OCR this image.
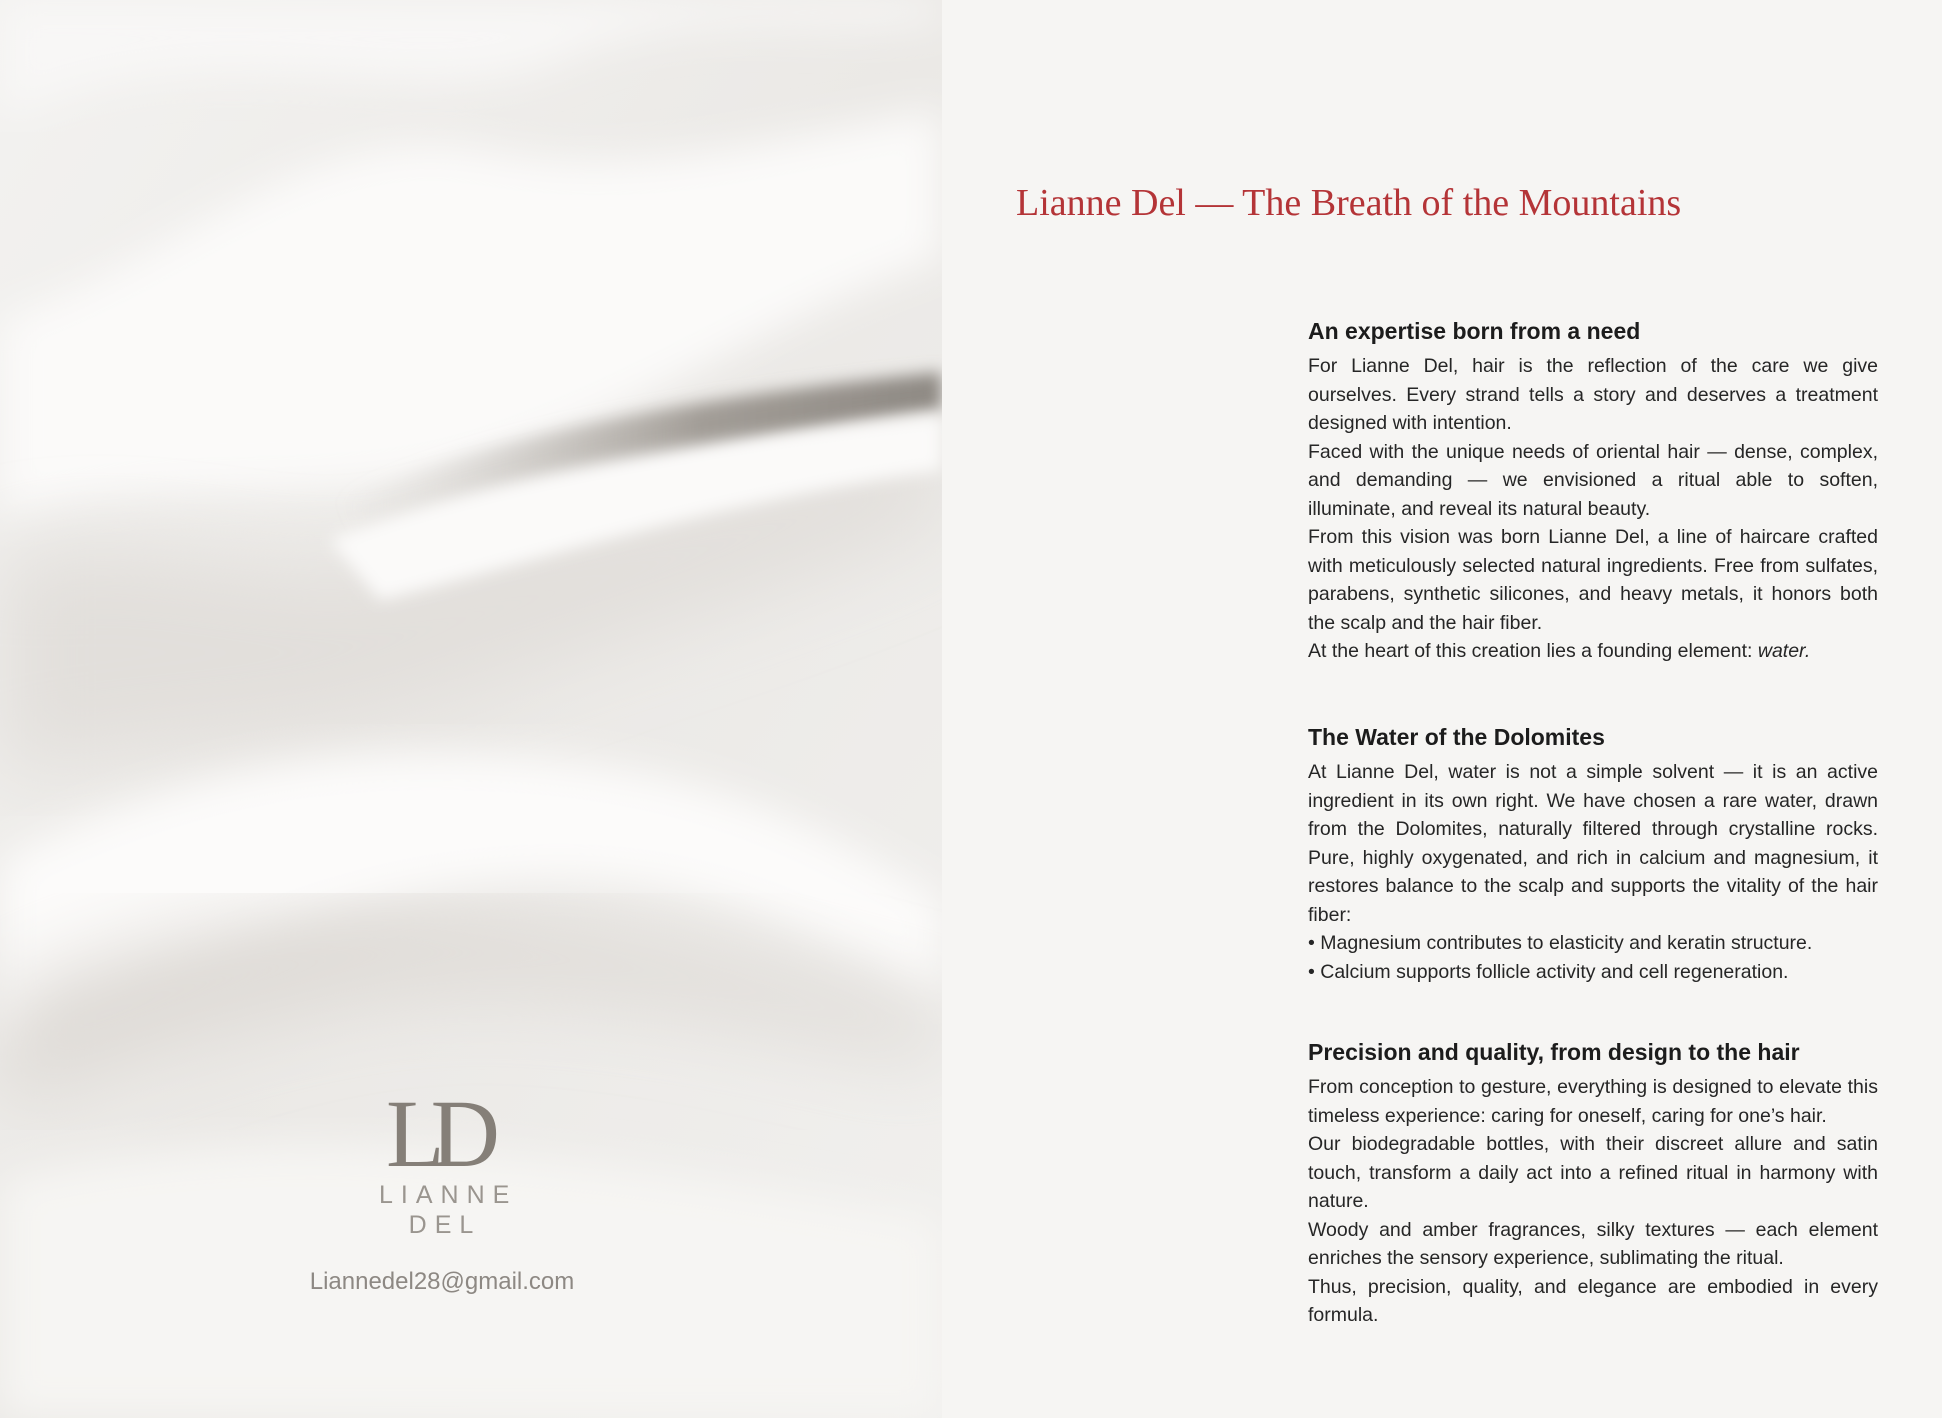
LD
LIANNE
DEL
Liannedel28@gmail.com
Lianne Del — The Breath of the Mountains
An expertise born from a need

For Lianne Del, hair is the reflection of the care we give ourselves. Every strand tells a story and deserves a treatment designed with intention.

Faced with the unique needs of oriental hair — dense, complex, and demanding — we envisioned a ritual able to soften, illuminate, and reveal its natural beauty.

From this vision was born Lianne Del, a line of haircare crafted with meticulously selected natural ingredients. Free from sulfates, parabens, synthetic silicones, and heavy metals, it honors both the scalp and the hair fiber.

At the heart of this creation lies a founding element: water.

The Water of the Dolomites

At Lianne Del, water is not a simple solvent — it is an active ingredient in its own right. We have chosen a rare water, drawn from the Dolomites, naturally filtered through crystalline rocks. Pure, highly oxygenated, and rich in calcium and magnesium, it restores balance to the scalp and supports the vitality of the hair fiber:

• Magnesium contributes to elasticity and keratin structure.

• Calcium supports follicle activity and cell regeneration.

Precision and quality, from design to the hair

From conception to gesture, everything is designed to elevate this timeless experience: caring for oneself, caring for one’s hair.

Our biodegradable bottles, with their discreet allure and satin touch, transform a daily act into a refined ritual in harmony with nature.

Woody and amber fragrances, silky textures — each element enriches the sensory experience, sublimating the ritual.

Thus, precision, quality, and elegance are embodied in every formula.
